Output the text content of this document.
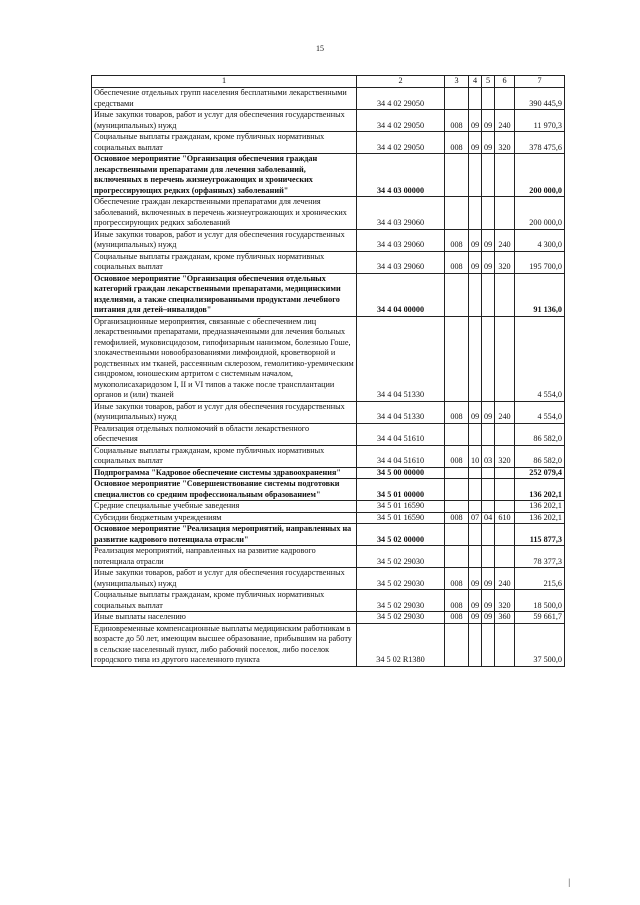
15
1	2	3	4	5	6	7
Обеспечение отдельных групп населения бесплатными лекарственными средствами	34 4 02 29050					390 445,9
Иные закупки товаров, работ и услуг для обеспечения государственных (муниципальных) нужд	34 4 02 29050	008	09	09	240	11 970,3
Социальные выплаты гражданам, кроме публичных нормативных социальных выплат	34 4 02 29050	008	09	09	320	378 475,6
Основное мероприятие "Организация обеспечения граждан лекарственными препаратами для лечения заболеваний, включенных в перечень жизнеугрожающих и хронических прогрессирующих редких (орфанных) заболеваний"	34 4 03 00000					200 000,0
Обеспечение граждан лекарственными препаратами для лечения заболеваний, включенных в перечень жизнеугрожающих и хронических прогрессирующих редких заболеваний	34 4 03 29060					200 000,0
Иные закупки товаров, работ и услуг для обеспечения государственных (муниципальных) нужд	34 4 03 29060	008	09	09	240	4 300,0
Социальные выплаты гражданам, кроме публичных нормативных социальных выплат	34 4 03 29060	008	09	09	320	195 700,0
Основное мероприятие "Организация обеспечения отдельных категорий граждан лекарственными препаратами, медицинскими изделиями, а также специализированными продуктами лечебного питания для детей–инвалидов"	34 4 04 00000					91 136,0
Организационные мероприятия, связанные с обеспечением лиц лекарственными препаратами, предназначенными для лечения больных гемофилией, муковисцидозом, гипофизарным нанизмом, болезнью Гоше, злокачественными новообразованиями лимфоидной, кроветворной и родственных им тканей, рассеянным склерозом, гемолитико-уремическим синдромом, юношеским артритом с системным началом, мукополисахаридозом I, II и VI типов а также после трансплантации органов и (или) тканей	34 4 04 51330					4 554,0
Иные закупки товаров, работ и услуг для обеспечения государственных (муниципальных) нужд	34 4 04 51330	008	09	09	240	4 554,0
Реализация отдельных полномочий в области лекарственного обеспечения	34 4 04 51610					86 582,0
Социальные выплаты гражданам, кроме публичных нормативных социальных выплат	34 4 04 51610	008	10	03	320	86 582,0
Подпрограмма "Кадровое обеспечение системы здравоохранения"	34 5 00 00000					252 079,4
Основное мероприятие "Совершенствование системы подготовки специалистов со средним профессиональным образованием"	34 5 01 00000					136 202,1
Средние специальные учебные заведения	34 5 01 16590					136 202,1
Субсидии бюджетным учреждениям	34 5 01 16590	008	07	04	610	136 202,1
Основное мероприятие "Реализация мероприятий, направленных на развитие кадрового потенциала отрасли"	34 5 02 00000					115 877,3
Реализация мероприятий, направленных на развитие кадрового потенциала отрасли	34 5 02 29030					78 377,3
Иные закупки товаров, работ и услуг для обеспечения государственных (муниципальных) нужд	34 5 02 29030	008	09	09	240	215,6
Социальные выплаты гражданам, кроме публичных нормативных социальных выплат	34 5 02 29030	008	09	09	320	18 500,0
Иные выплаты населению	34 5 02 29030	008	09	09	360	59 661,7
Единовременные компенсационные выплаты медицинским работникам в возрасте до 50 лет, имеющим высшее образование, прибывшим на работу в сельские населенный пункт, либо рабочий поселок, либо поселок городского типа из другого населенного пункта	34 5 02 R1380					37 500,0
|
